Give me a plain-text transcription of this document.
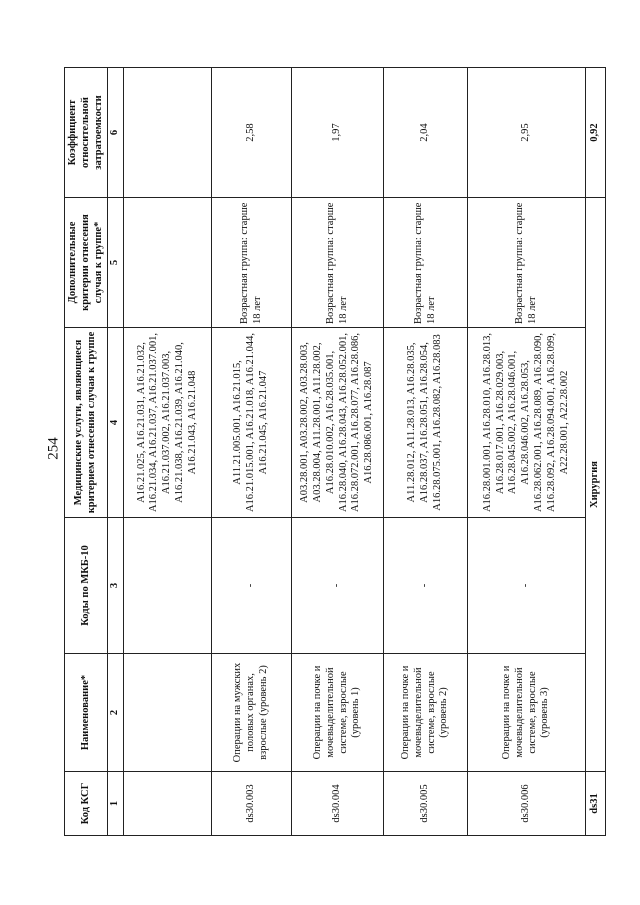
254
Код КСГ	Наименование*	Коды по МКБ-10	Медицинские услуги, являющиеся критерием отнесения случая к группе	Дополнительные критерии отнесения случая к группе*	Коэффициент относительной затратоемкости
1	2	3	4	5	6
			A16.21.025, A16.21.031, A16.21.032, A16.21.034, A16.21.037, A16.21.037.001, A16.21.037.002, A16.21.037.003, A16.21.038, A16.21.039, A16.21.040, A16.21.043, A16.21.048		
ds30.003	Операции на мужских половых органах, взрослые (уровень 2)	-	A11.21.005.001, A16.21.015, A16.21.015.001, A16.21.018, A16.21.044, A16.21.045, A16.21.047	Возрастная группа: старше 18 лет	2,58
ds30.004	Операции на почке и мочевыделительной системе, взрослые (уровень 1)	-	A03.28.001, A03.28.002, A03.28.003, A03.28.004, A11.28.001, A11.28.002, A16.28.010.002, A16.28.035.001, A16.28.040, A16.28.043, A16.28.052.001, A16.28.072.001, A16.28.077, A16.28.086, A16.28.086.001, A16.28.087	Возрастная группа: старше 18 лет	1,97
ds30.005	Операции на почке и мочевыделительной системе, взрослые (уровень 2)	-	A11.28.012, A11.28.013, A16.28.035, A16.28.037, A16.28.051, A16.28.054, A16.28.075.001, A16.28.082, A16.28.083	Возрастная группа: старше 18 лет	2,04
ds30.006	Операции на почке и мочевыделительной системе, взрослые (уровень 3)	-	A16.28.001.001, A16.28.010, A16.28.013, A16.28.017.001, A16.28.029.003, A16.28.045.002, A16.28.046.001, A16.28.046.002, A16.28.053, A16.28.062.001, A16.28.089, A16.28.090, A16.28.092, A16.28.094.001, A16.28.099, A22.28.001, A22.28.002	Возрастная группа: старше 18 лет	2,95
ds31	Хирургия				0,92
